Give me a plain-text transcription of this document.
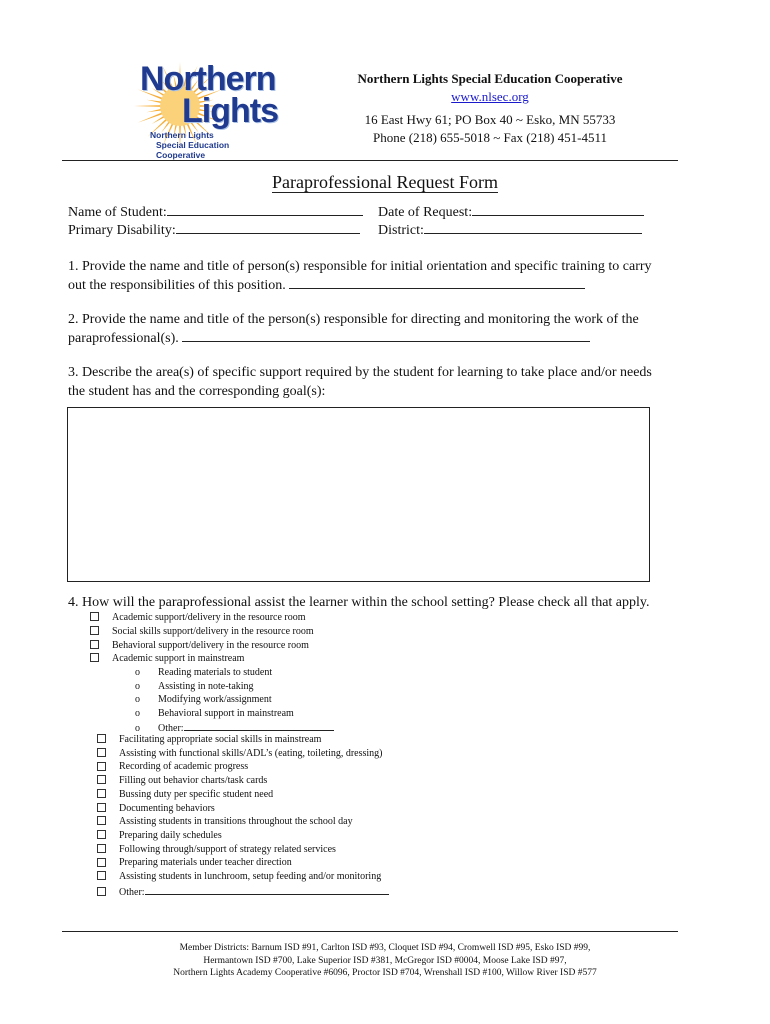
Northern
Lights
Northern Lights
Special Education Cooperative
Northern Lights Special Education Cooperative
www.nlsec.org
16 East Hwy 61; PO Box 40 ~ Esko, MN 55733
Phone (218) 655-5018 ~ Fax (218) 451-4511
Paraprofessional Request Form
Name of Student:	Date of Request:
Primary Disability:	District:
1. Provide the name and title of person(s) responsible for initial orientation and specific training to carry
out the responsibilities of this position.
2. Provide the name and title of the person(s) responsible for directing and monitoring the work of the
paraprofessional(s).
3. Describe the area(s) of specific support required by the student for learning to take place and/or needs
the student has and the corresponding goal(s):
4. How will the paraprofessional assist the learner within the school setting? Please check all that apply.
Academic support/delivery in the resource room
Social skills support/delivery in the resource room
Behavioral support/delivery in the resource room
Academic support in mainstream
o Reading materials to student
o Assisting in note-taking
o Modifying work/assignment
o Behavioral support in mainstream
o Other:
Facilitating appropriate social skills in mainstream
Assisting with functional skills/ADL’s (eating, toileting, dressing)
Recording of academic progress
Filling out behavior charts/task cards
Bussing duty per specific student need
Documenting behaviors
Assisting students in transitions throughout the school day
Preparing daily schedules
Following through/support of strategy related services
Preparing materials under teacher direction
Assisting students in lunchroom, setup feeding and/or monitoring
Other:
Member Districts: Barnum ISD #91, Carlton ISD #93, Cloquet ISD #94, Cromwell ISD #95, Esko ISD #99,
Hermantown ISD #700, Lake Superior ISD #381, McGregor ISD #0004, Moose Lake ISD #97,
Northern Lights Academy Cooperative #6096, Proctor ISD #704, Wrenshall ISD #100, Willow River ISD #577
